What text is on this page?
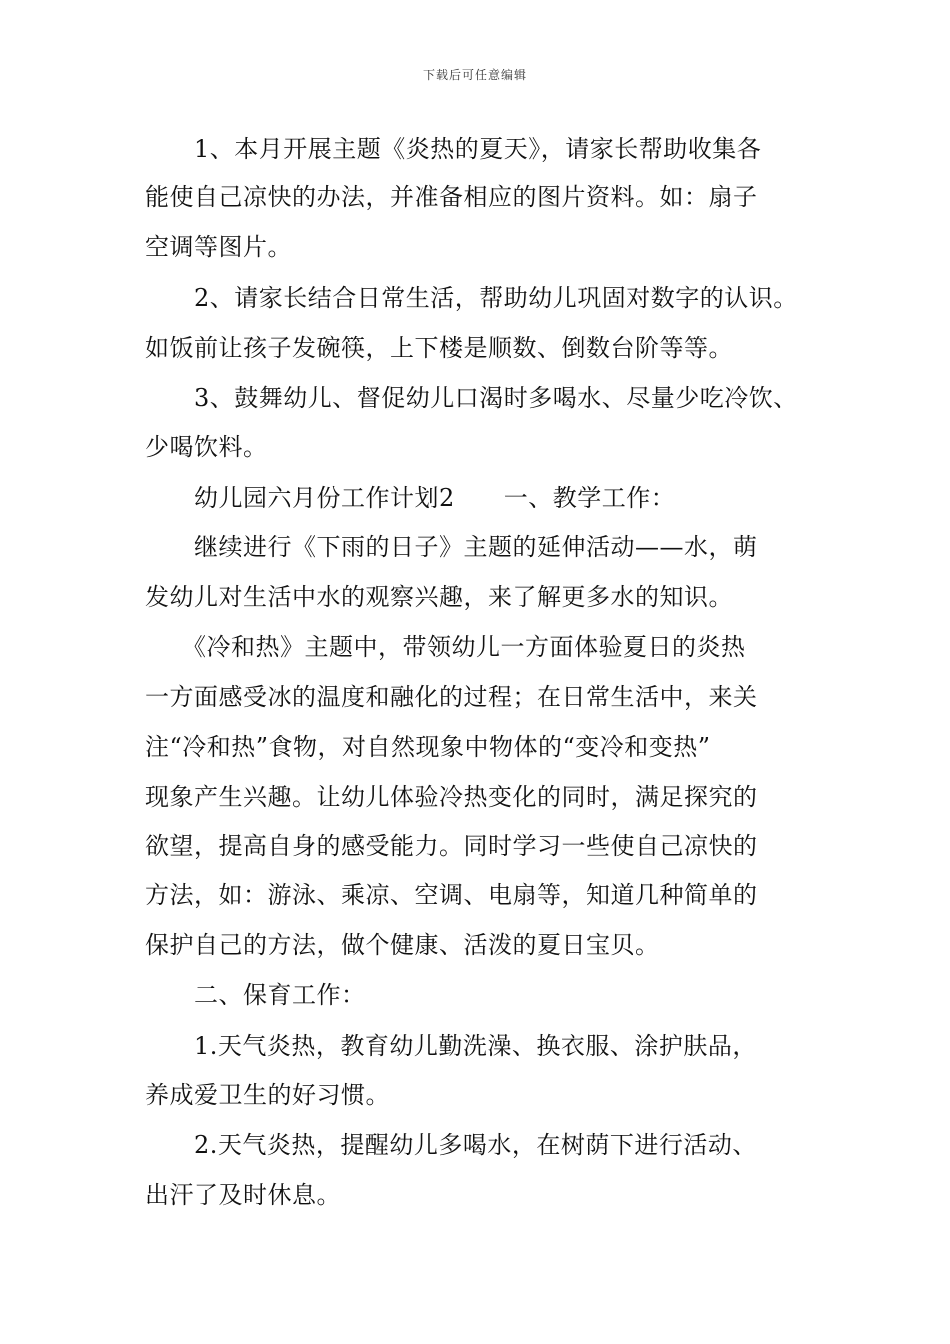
下载后可任意编辑
　　1、本月开展主题《炎热的夏天》，请家长帮助收集各
能使自己凉快的办法，并准备相应的图片资料。如：扇子
空调等图片。
　　2、请家长结合日常生活，帮助幼儿巩固对数字的认识。
如饭前让孩子发碗筷，上下楼是顺数、倒数台阶等等。
　　3、鼓舞幼儿、督促幼儿口渴时多喝水、尽量少吃冷饮、
少喝饮料。
　　幼儿园六月份工作计划2　　一、教学工作：
　　继续进行《下雨的日子》主题的延伸活动——水，萌
发幼儿对生活中水的观察兴趣，来了解更多水的知识。
　　《冷和热》主题中，带领幼儿一方面体验夏日的炎热
一方面感受冰的温度和融化的过程；在日常生活中，来关
注“冷和热”食物，对自然现象中物体的“变冷和变热”
现象产生兴趣。让幼儿体验冷热变化的同时，满足探究的
欲望，提高自身的感受能力。同时学习一些使自己凉快的
方法，如：游泳、乘凉、空调、电扇等，知道几种简单的
保护自己的方法，做个健康、活泼的夏日宝贝。
　　二、保育工作：
　　1.天气炎热，教育幼儿勤洗澡、换衣服、涂护肤品，
养成爱卫生的好习惯。
　　2.天气炎热，提醒幼儿多喝水，在树荫下进行活动、
出汗了及时休息。
